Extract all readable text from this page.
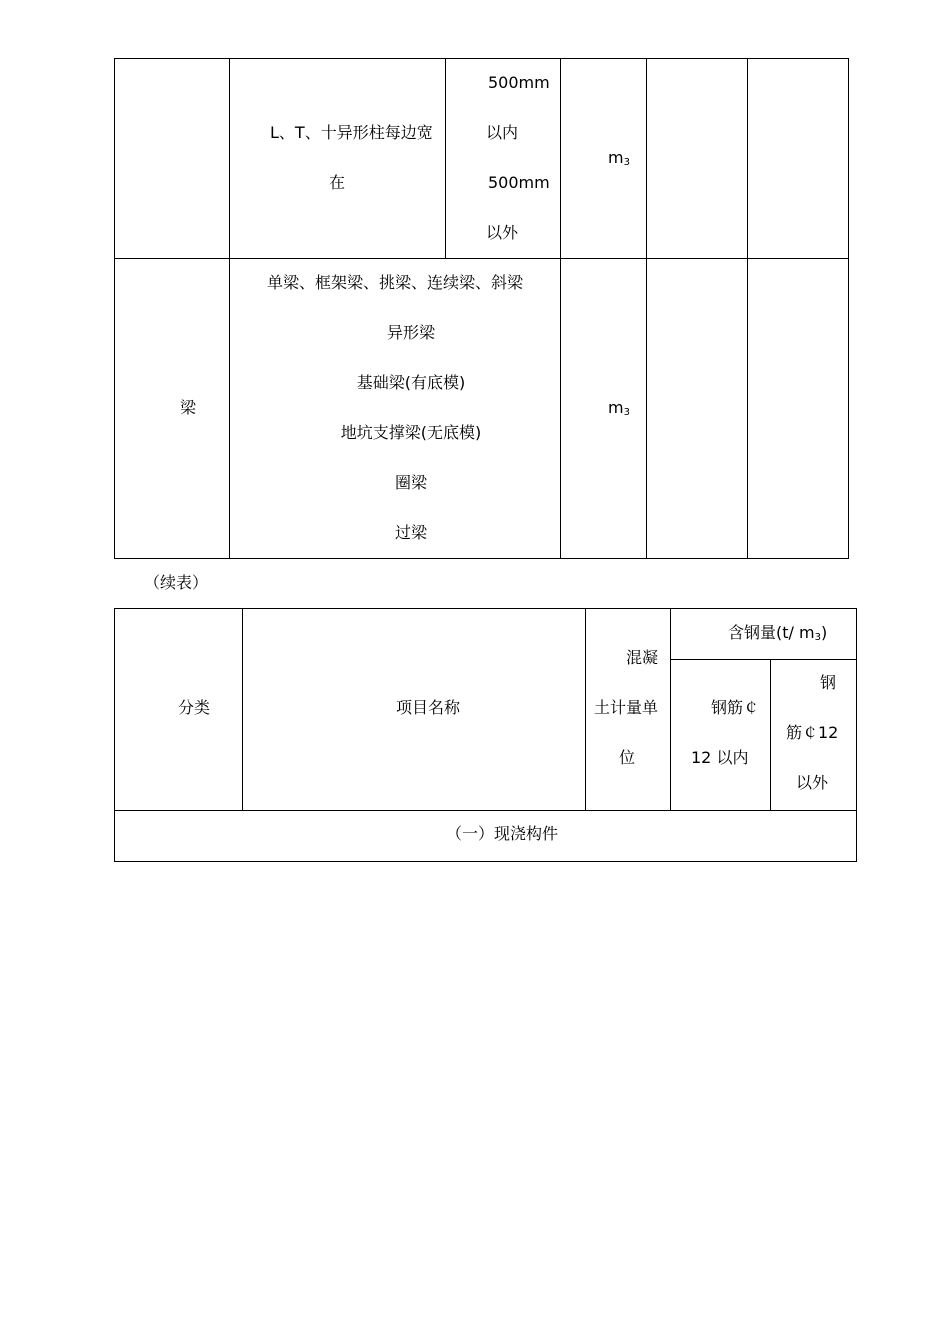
L、T、十异形柱每边宽
在
500mm
以内
500mm
以外
$m_3$
梁
单梁、框架梁、挑梁、连续梁、斜梁
异形梁
基础梁(有底模)
地坑支撑梁(无底模)
圈梁
过梁
$m_3$
（续表）
分类	项目名称
混凝
土计量单
位
含钢量(t/ $m_3$)
钢筋￠
12 以内
钢
筋￠12
以外
（一）现浇构件
